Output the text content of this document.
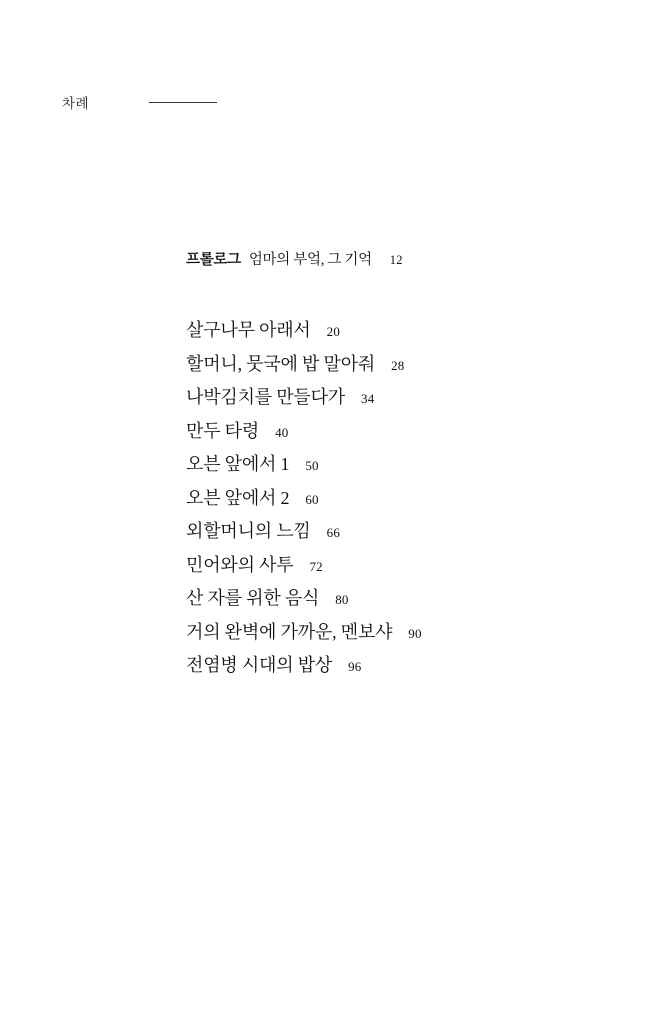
차례
프롤로그 엄마의 부엌, 그 기억 12
살구나무 아래서 20
할머니, 뭇국에 밥 말아줘 28
나박김치를 만들다가 34
만두 타령 40
오븐 앞에서 1 50
오븐 앞에서 2 60
외할머니의 느낌 66
민어와의 사투 72
산 자를 위한 음식 80
거의 완벽에 가까운, 멘보샤 90
전염병 시대의 밥상 96
